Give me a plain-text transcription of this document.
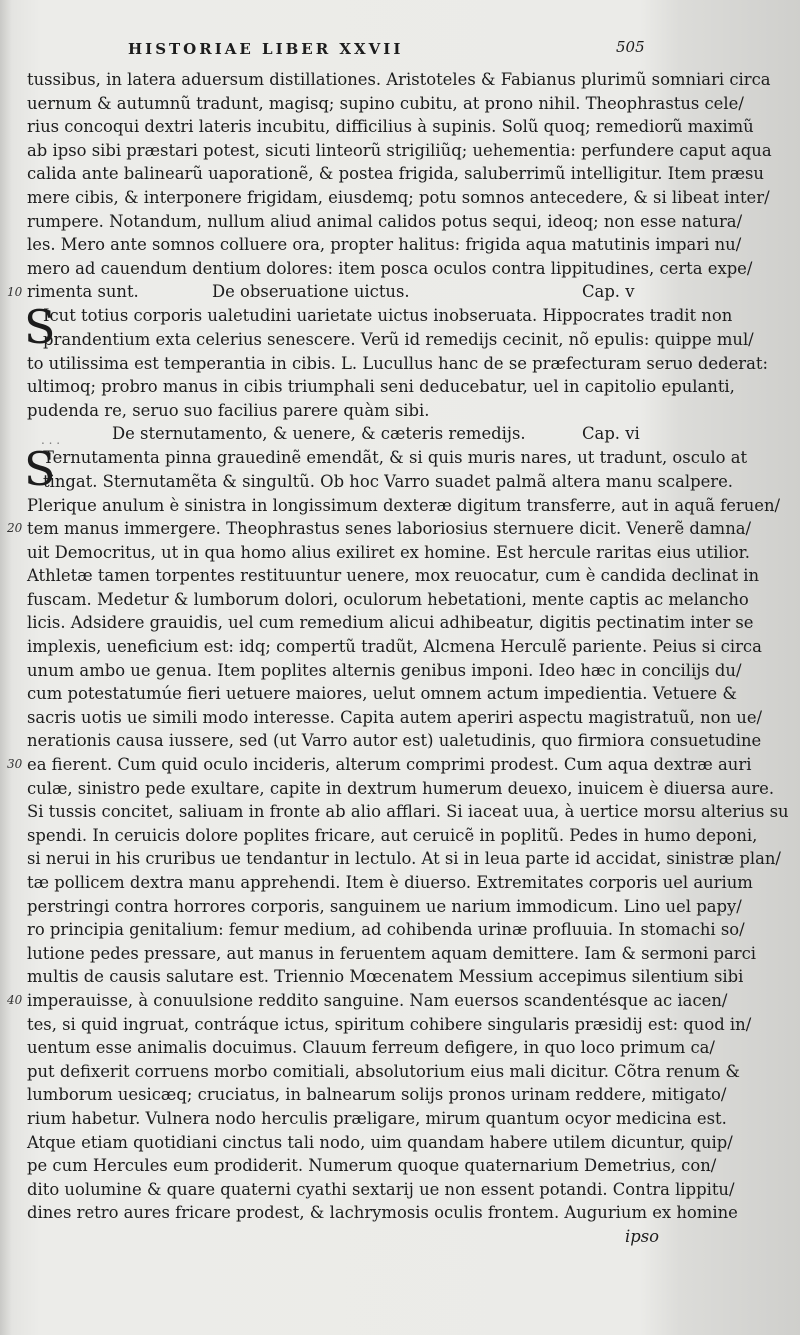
HISTORIAE LIBER XXVII	505
tussibus, in latera aduersum distillationes. Aristoteles & Fabianus plurimũ somniari circa
uernum & autumnũ tradunt, magisq; supino cubitu, at prono nihil. Theophrastus cele/
rius concoqui dextri lateris incubitu, difficilius à supinis. Solũ quoq; remediorũ maximũ
ab ipso sibi præstari potest, sicuti linteorũ strigiliũq; uehementia: perfundere caput aqua
calida ante balinearũ uaporationẽ, & postea frigida, saluberrimũ intelligitur. Item præsu
mere cibis, & interponere frigidam, eiusdemq; potu somnos antecedere, & si libeat inter/
rumpere. Notandum, nullum aliud animal calidos potus sequi, ideoq; non esse natura/
les. Mero ante somnos colluere ora, propter halitus: frigida aqua matutinis impari nu/
mero ad cauendum dentium dolores: item posca oculos contra lippitudines, certa expe/
10 rimenta sunt.	De obseruatione uictus.	Cap. v
S
Icut totius corporis ualetudini uarietate uictus inobseruata. Hippocrates tradit non
prandentium exta celerius senescere. Verũ id remedijs cecinit, nõ epulis: quippe mul/
to utilissima est temperantia in cibis. L. Lucullus hanc de se præfecturam seruo dederat:
ultimoq; probro manus in cibis triumphali seni deducebatur, uel in capitolio epulanti,
pudenda re, seruo suo facilius parere quàm sibi.
. . .	De sternutamento, & uenere, & cæteris remedijs.	Cap. vi
S
Ternutamenta pinna grauedinẽ emendãt, & si quis muris nares, ut tradunt, osculo at
tingat. Sternutamẽta & singultũ. Ob hoc Varro suadet palmã altera manu scalpere.
Plerique anulum è sinistra in longissimum dexteræ digitum transferre, aut in aquã feruen/
tem manus immergere. Theophrastus senes laboriosius sternuere dicit. Venerẽ damna/
20
uit Democritus, ut in qua homo alius exiliret ex homine. Est hercule raritas eius utilior.
Athletæ tamen torpentes restituuntur uenere, mox reuocatur, cum è candida declinat in
fuscam. Medetur & lumborum dolori, oculorum hebetationi, mente captis ac melancho
licis. Adsidere grauidis, uel cum remedium alicui adhibeatur, digitis pectinatim inter se
implexis, ueneficium est: idq; compertũ tradũt, Alcmena Herculẽ pariente. Peius si circa
unum ambo ue genua. Item poplites alternis genibus imponi. Ideo hæc in concilijs du/
cum potestatumúe fieri uetuere maiores, uelut omnem actum impedientia. Vetuere &
sacris uotis ue simili modo interesse. Capita autem aperiri aspectu magistratuũ, non ue/
nerationis causa iussere, sed (ut Varro autor est) ualetudinis, quo firmiora consuetudine
ea fierent. Cum quid oculo incideris, alterum comprimi prodest. Cum aqua dextræ auri
30
culæ, sinistro pede exultare, capite in dextrum humerum deuexo, inuicem è diuersa aure.
Si tussis concitet, saliuam in fronte ab alio afflari. Si iaceat uua, à uertice morsu alterius su
spendi. In ceruicis dolore poplites fricare, aut ceruicẽ in poplitũ. Pedes in humo deponi,
si nerui in his cruribus ue tendantur in lectulo. At si in leua parte id accidat, sinistræ plan/
tæ pollicem dextra manu apprehendi. Item è diuerso. Extremitates corporis uel aurium
perstringi contra horrores corporis, sanguinem ue narium immodicum. Lino uel papy/
ro principia genitalium: femur medium, ad cohibenda urinæ profluuia. In stomachi so/
lutione pedes pressare, aut manus in feruentem aquam demittere. Iam & sermoni parci
multis de causis salutare est. Triennio Mœcenatem Messium accepimus silentium sibi
imperauisse, à conuulsione reddito sanguine. Nam euersos scandentésque ac iacen/
40
tes, si quid ingruat, contráque ictus, spiritum cohibere singularis præsidij est: quod in/
uentum esse animalis docuimus. Clauum ferreum defigere, in quo loco primum ca/
put defixerit corruens morbo comitiali, absolutorium eius mali dicitur. Cõtra renum &
lumborum uesicæq; cruciatus, in balnearum solijs pronos urinam reddere, mitigato/
rium habetur. Vulnera nodo herculis præligare, mirum quantum ocyor medicina est.
Atque etiam quotidiani cinctus tali nodo, uim quandam habere utilem dicuntur, quip/
pe cum Hercules eum prodiderit. Numerum quoque quaternarium Demetrius, con/
dito uolumine & quare quaterni cyathi sextarij ue non essent potandi. Contra lippitu/
dines retro aures fricare prodest, & lachrymosis oculis frontem. Augurium ex homine
ipso
